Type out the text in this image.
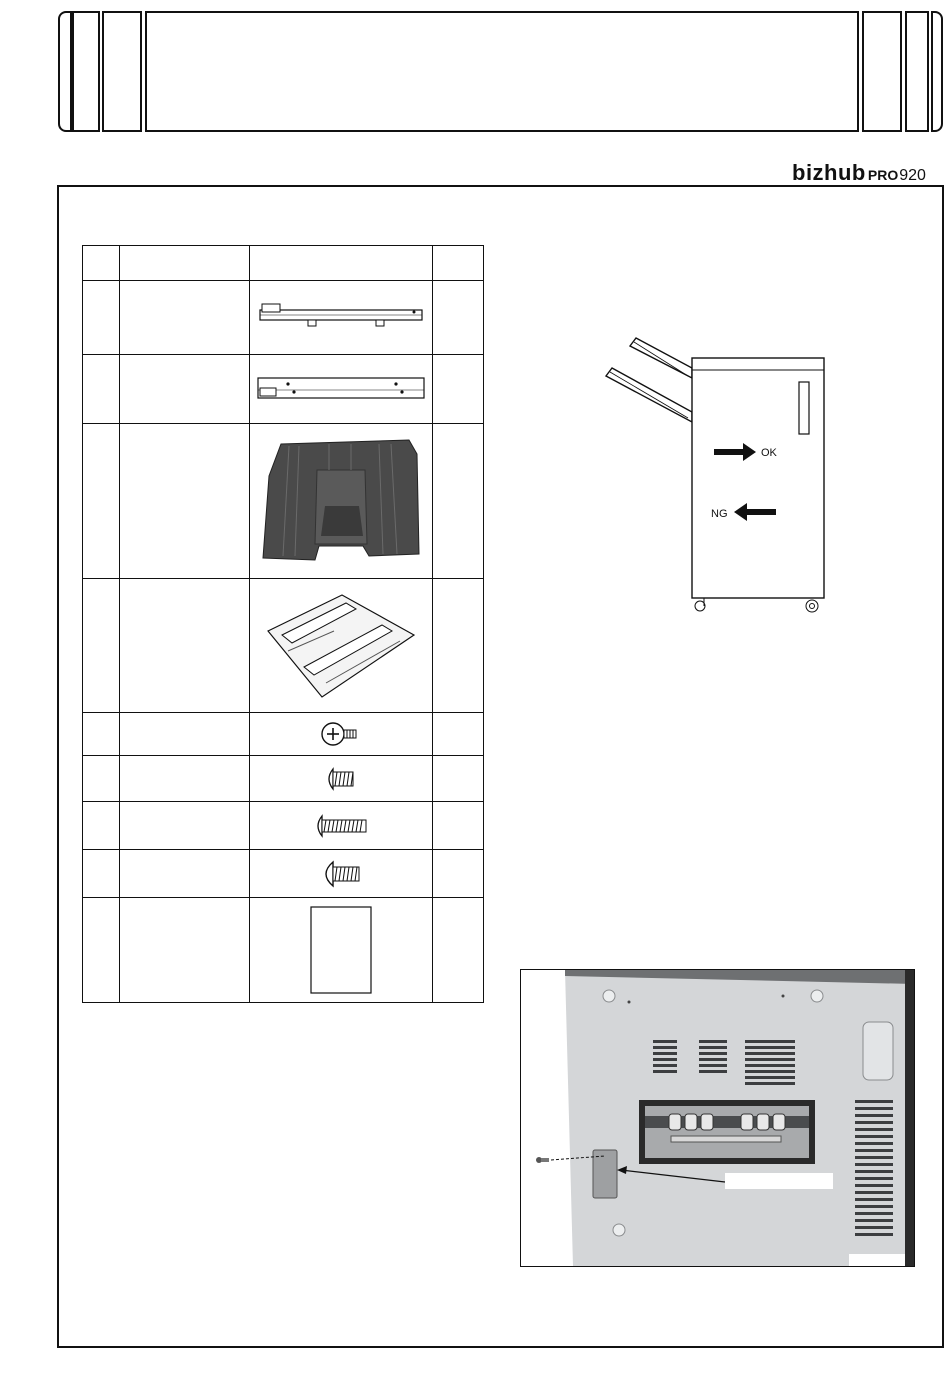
bizhub PRO920

OK
NG
